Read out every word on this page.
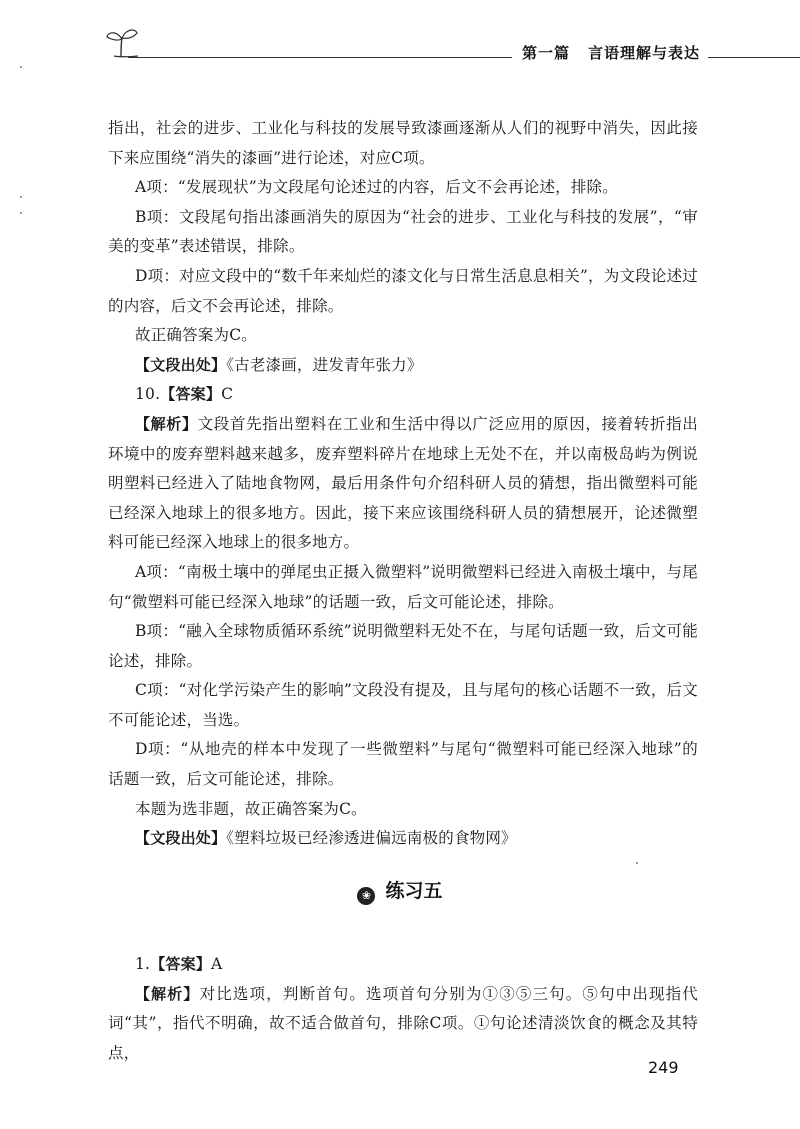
第一篇 言语理解与表达

指出，社会的进步、工业化与科技的发展导致漆画逐渐从人们的视野中消失，因此接下来应围绕“消失的漆画”进行论述，对应C项。

A项：“发展现状”为文段尾句论述过的内容，后文不会再论述，排除。

B项：文段尾句指出漆画消失的原因为“社会的进步、工业化与科技的发展”，“审美的变革”表述错误，排除。

D项：对应文段中的“数千年来灿烂的漆文化与日常生活息息相关”，为文段论述过的内容，后文不会再论述，排除。

故正确答案为C。

【文段出处】《古老漆画，进发青年张力》

10.【答案】C

【解析】文段首先指出塑料在工业和生活中得以广泛应用的原因，接着转折指出环境中的废弃塑料越来越多，废弃塑料碎片在地球上无处不在，并以南极岛屿为例说明塑料已经进入了陆地食物网，最后用条件句介绍科研人员的猜想，指出微塑料可能已经深入地球上的很多地方。因此，接下来应该围绕科研人员的猜想展开，论述微塑料可能已经深入地球上的很多地方。

A项：“南极土壤中的弹尾虫正摄入微塑料”说明微塑料已经进入南极土壤中，与尾句“微塑料可能已经深入地球”的话题一致，后文可能论述，排除。

B项：“融入全球物质循环系统”说明微塑料无处不在，与尾句话题一致，后文可能论述，排除。

C项：“对化学污染产生的影响”文段没有提及，且与尾句的核心话题不一致，后文不可能论述，当选。

D项：“从地壳的样本中发现了一些微塑料”与尾句“微塑料可能已经深入地球”的话题一致，后文可能论述，排除。

本题为选非题，故正确答案为C。

【文段出处】《塑料垃圾已经渗透进偏远南极的食物网》

❀ 练习五

1.【答案】A

【解析】对比选项，判断首句。选项首句分别为①③⑤三句。⑤句中出现指代词“其”，指代不明确，故不适合做首句，排除C项。①句论述清淡饮食的概念及其特点，

249
